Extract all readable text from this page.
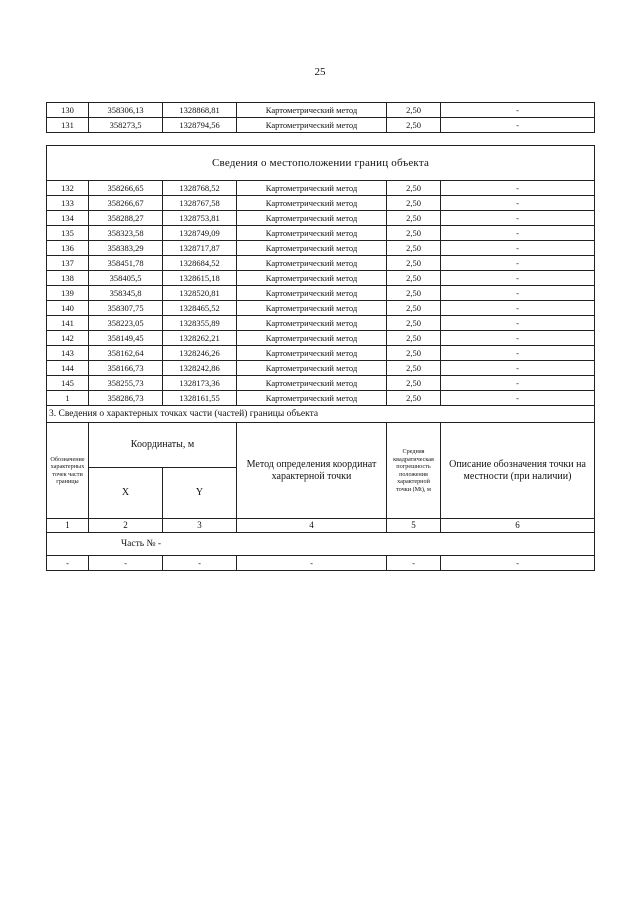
25
130	358306,13	1328868,81	Картометрический метод	2,50	-
131	358273,5	1328794,56	Картометрический метод	2,50	-
Сведения о местоположении границ объекта					
132	358266,65	1328768,52	Картометрический метод	2,50	-
133	358266,67	1328767,58	Картометрический метод	2,50	-
134	358288,27	1328753,81	Картометрический метод	2,50	-
135	358323,58	1328749,09	Картометрический метод	2,50	-
136	358383,29	1328717,87	Картометрический метод	2,50	-
137	358451,78	1328684,52	Картометрический метод	2,50	-
138	358405,5	1328615,18	Картометрический метод	2,50	-
139	358345,8	1328520,81	Картометрический метод	2,50	-
140	358307,75	1328465,52	Картометрический метод	2,50	-
141	358223,05	1328355,89	Картометрический метод	2,50	-
142	358149,45	1328262,21	Картометрический метод	2,50	-
143	358162,64	1328246,26	Картометрический метод	2,50	-
144	358166,73	1328242,86	Картометрический метод	2,50	-
145	358255,73	1328173,36	Картометрический метод	2,50	-
1	358286,73	1328161,55	Картометрический метод	2,50	-
3. Сведения о характерных точках части (частей) границы объекта					
Обозначение характерных точек части границы	Координаты, м		Метод определения координат характерной точки	Средняя квадратическая погрешность положения характерной точки (Mt), м	Описание обозначения точки на местности (при наличии)
	X	Y			
1	2	3	4	5	6
Часть № -					
-	-	-	-	-	-
